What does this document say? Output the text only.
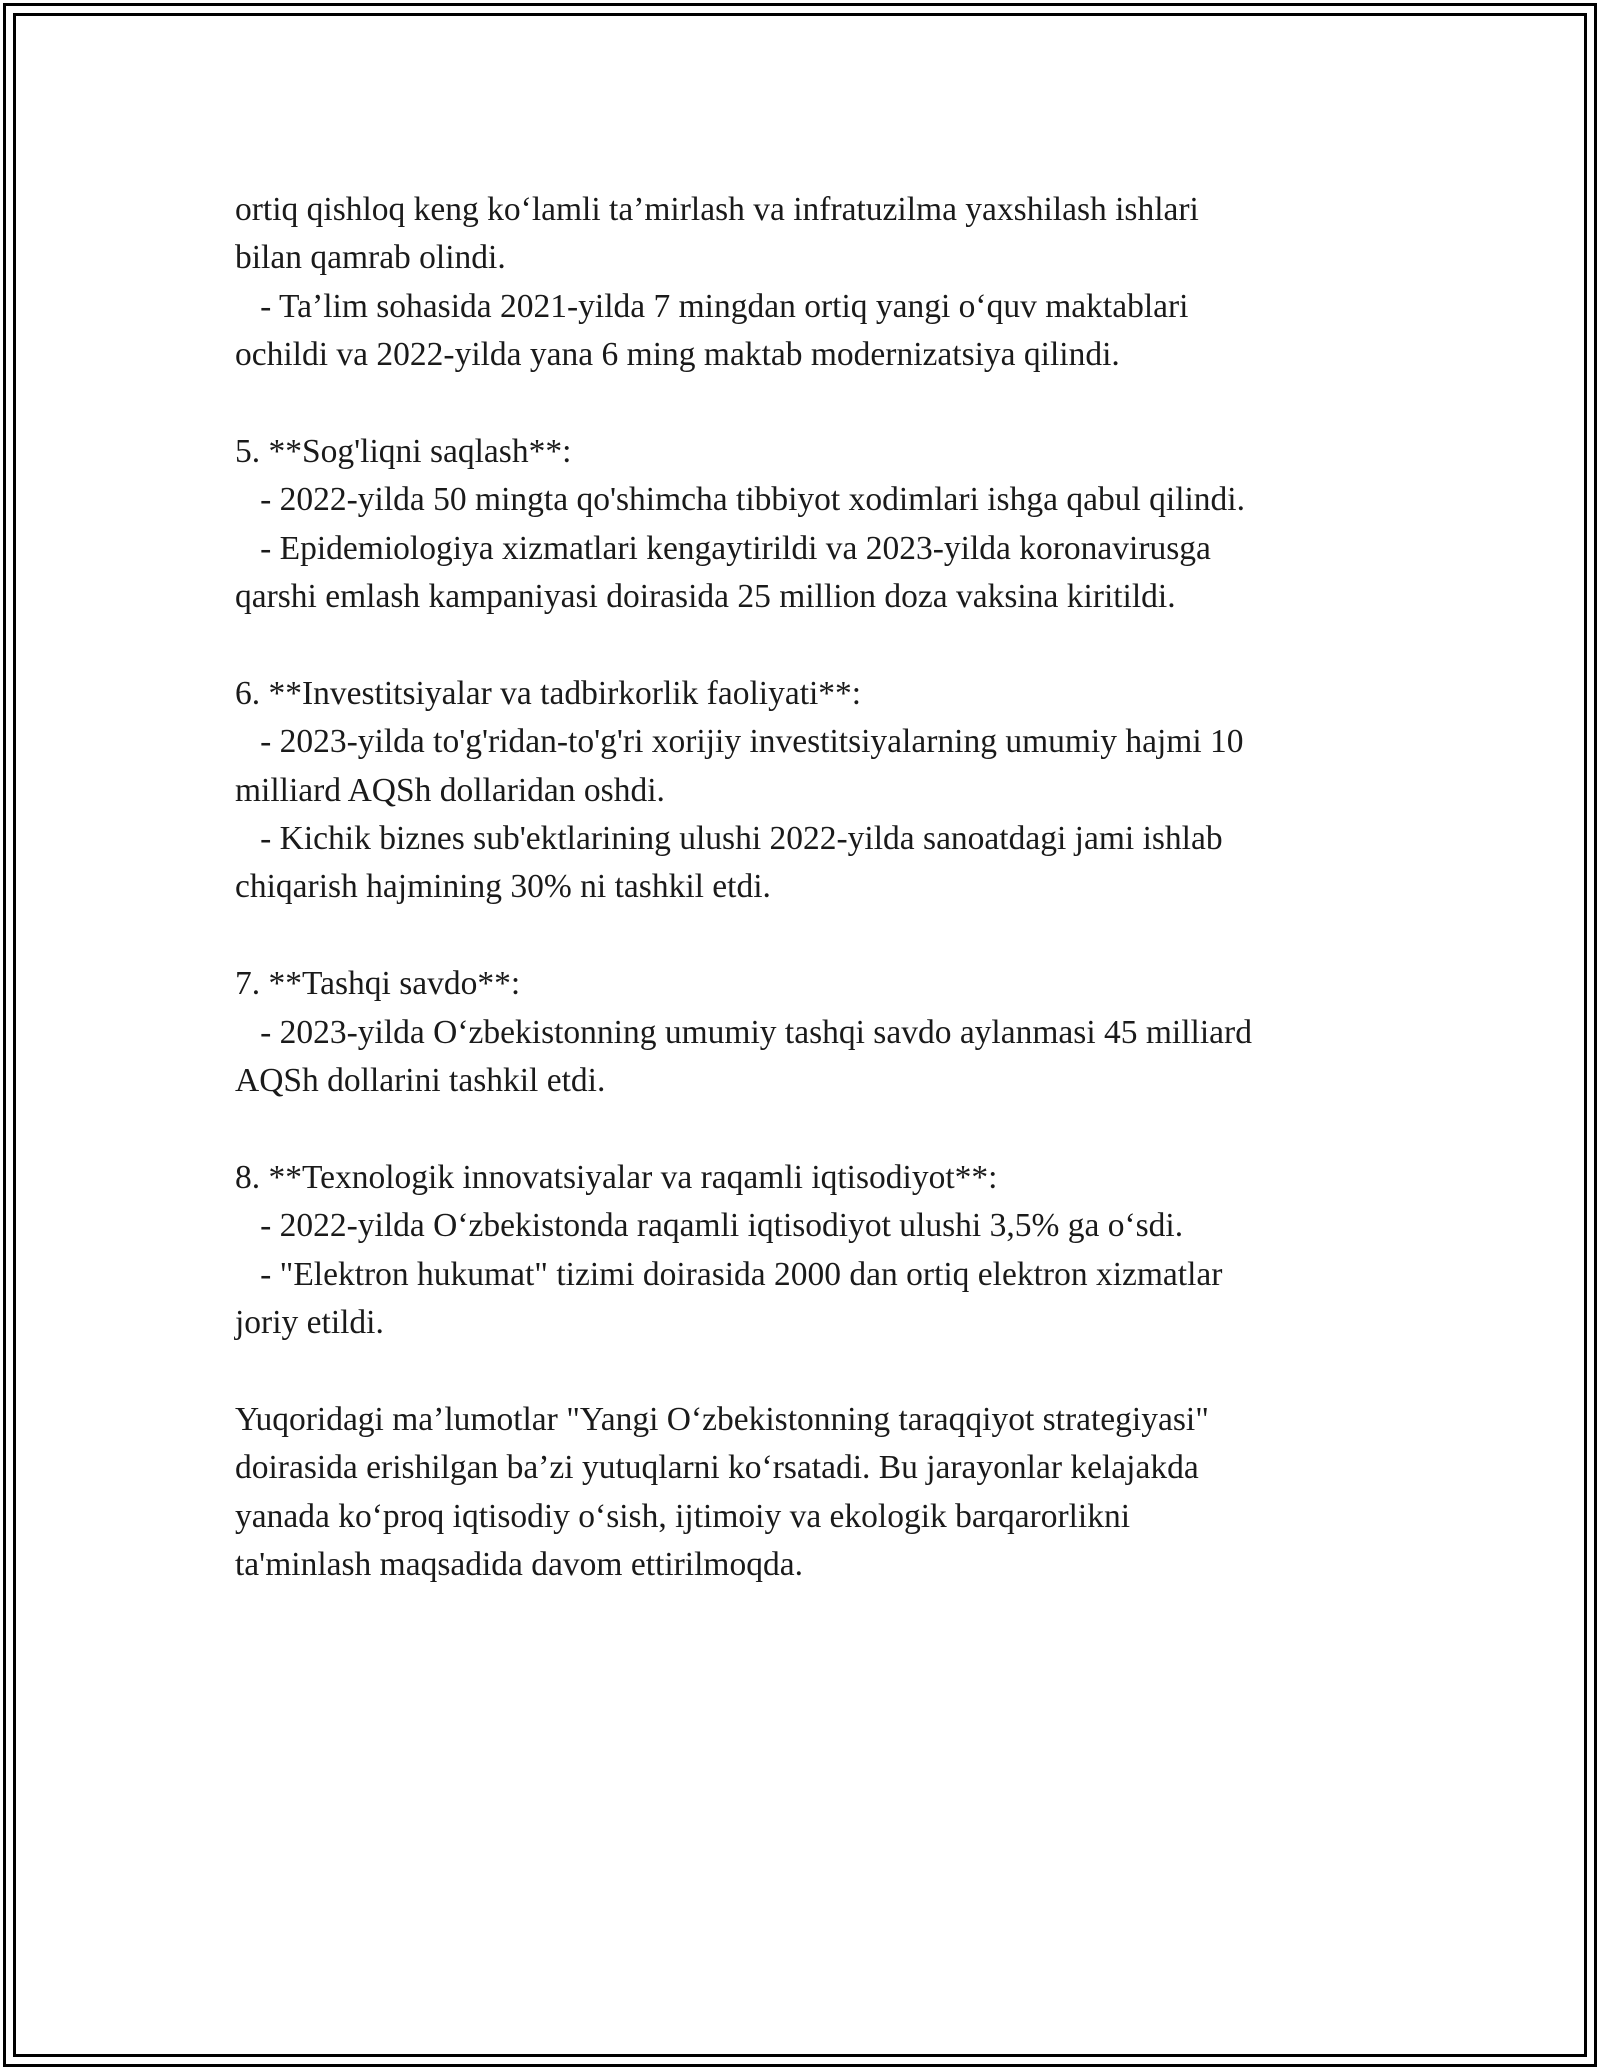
ortiq qishloq keng ko‘lamli ta’mirlash va infratuzilma yaxshilash ishlari
bilan qamrab olindi.
- Ta’lim sohasida 2021-yilda 7 mingdan ortiq yangi o‘quv maktablari
ochildi va 2022-yilda yana 6 ming maktab modernizatsiya qilindi.
5. **Sog'liqni saqlash**:
- 2022-yilda 50 mingta qo'shimcha tibbiyot xodimlari ishga qabul qilindi.
- Epidemiologiya xizmatlari kengaytirildi va 2023-yilda koronavirusga
qarshi emlash kampaniyasi doirasida 25 million doza vaksina kiritildi.
6. **Investitsiyalar va tadbirkorlik faoliyati**:
- 2023-yilda to'g'ridan-to'g'ri xorijiy investitsiyalarning umumiy hajmi 10
milliard AQSh dollaridan oshdi.
- Kichik biznes sub'ektlarining ulushi 2022-yilda sanoatdagi jami ishlab
chiqarish hajmining 30% ni tashkil etdi.
7. **Tashqi savdo**:
- 2023-yilda O‘zbekistonning umumiy tashqi savdo aylanmasi 45 milliard
AQSh dollarini tashkil etdi.
8. **Texnologik innovatsiyalar va raqamli iqtisodiyot**:
- 2022-yilda O‘zbekistonda raqamli iqtisodiyot ulushi 3,5% ga o‘sdi.
- "Elektron hukumat" tizimi doirasida 2000 dan ortiq elektron xizmatlar
joriy etildi.
Yuqoridagi ma’lumotlar "Yangi O‘zbekistonning taraqqiyot strategiyasi"
doirasida erishilgan ba’zi yutuqlarni ko‘rsatadi. Bu jarayonlar kelajakda
yanada ko‘proq iqtisodiy o‘sish, ijtimoiy va ekologik barqarorlikni
ta'minlash maqsadida davom ettirilmoqda.
